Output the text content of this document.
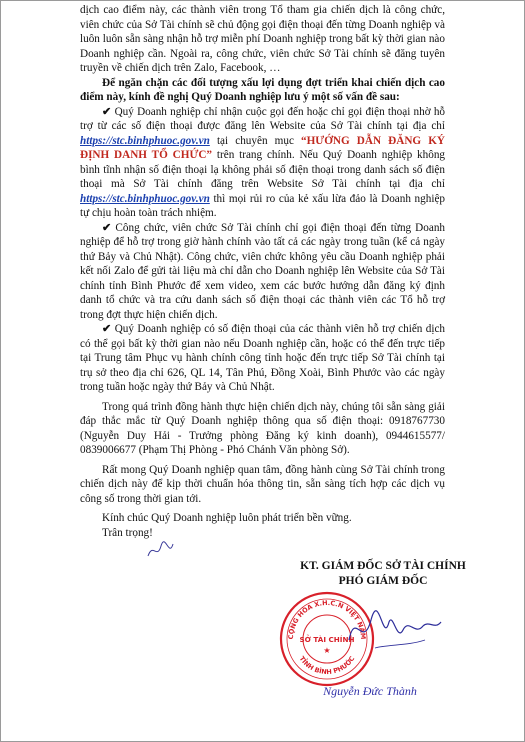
dịch cao điểm này, các thành viên trong Tổ tham gia chiến dịch là công chức, viên chức của Sở Tài chính sẽ chủ động gọi điện thoại đến từng Doanh nghiệp và luôn luôn sẵn sàng nhận hỗ trợ miễn phí Doanh nghiệp trong bất kỳ thời gian nào Doanh nghiệp cần. Ngoài ra, công chức, viên chức Sở Tài chính sẽ đăng tuyên truyền về chiến dịch trên Zalo, Facebook, …

Để ngăn chặn các đối tượng xấu lợi dụng đợt triển khai chiến dịch cao điểm này, kính đề nghị Quý Doanh nghiệp lưu ý một số vấn đề sau:

✔ Quý Doanh nghiệp chỉ nhận cuộc gọi đến hoặc chỉ gọi điện thoại nhờ hỗ trợ từ các số điện thoại được đăng lên Website của Sở Tài chính tại địa chỉ https://stc.binhphuoc.gov.vn tại chuyên mục “HƯỚNG DẪN ĐĂNG KÝ ĐỊNH DANH TỔ CHỨC” trên trang chính. Nếu Quý Doanh nghiệp không bình tĩnh nhận số điện thoại lạ không phải số điện thoại trong danh sách số điện thoại mà Sở Tài chính đăng trên Website Sở Tài chính tại địa chỉ https://stc.binhphuoc.gov.vn thì mọi rủi ro của kẻ xấu lừa đảo là Doanh nghiệp tự chịu hoàn toàn trách nhiệm.

✔ Công chức, viên chức Sở Tài chính chỉ gọi điện thoại đến từng Doanh nghiệp để hỗ trợ trong giờ hành chính vào tất cả các ngày trong tuần (kể cả ngày thứ Bảy và Chủ Nhật). Công chức, viên chức không yêu cầu Doanh nghiệp phải kết nối Zalo để gửi tài liệu mà chỉ dẫn cho Doanh nghiệp lên Website của Sở Tài chính tỉnh Bình Phước để xem video, xem các bước hướng dẫn đăng ký định danh tổ chức và tra cứu danh sách số điện thoại các thành viên các Tổ hỗ trợ trong đợt thực hiện chiến dịch.

✔ Quý Doanh nghiệp có số điện thoại của các thành viên hỗ trợ chiến dịch có thể gọi bất kỳ thời gian nào nếu Doanh nghiệp cần, hoặc có thể đến trực tiếp tại Trung tâm Phục vụ hành chính công tỉnh hoặc đến trực tiếp Sở Tài chính tại trụ sở theo địa chỉ 626, QL 14, Tân Phú, Đồng Xoài, Bình Phước vào các ngày trong tuần hoặc ngày thứ Bảy và Chủ Nhật.

Trong quá trình đồng hành thực hiện chiến dịch này, chúng tôi sẵn sàng giải đáp thắc mắc từ Quý Doanh nghiệp thông qua số điện thoại: 0918767730 (Nguyễn Duy Hải - Trưởng phòng Đăng ký kinh doanh), 0944615577/ 0839006677 (Phạm Thị Phòng - Phó Chánh Văn phòng Sở).

Rất mong Quý Doanh nghiệp quan tâm, đồng hành cùng Sở Tài chính trong chiến dịch này để kịp thời chuẩn hóa thông tin, sẵn sàng tích hợp các dịch vụ công số trong thời gian tới.

Kính chúc Quý Doanh nghiệp luôn phát triển bền vững.

Trân trọng!

KT. GIÁM ĐỐC SỞ TÀI CHÍNH
PHÓ GIÁM ĐỐC
CỘNG HÒA X.H.C.N VIỆT NAM
TỈNH BÌNH PHƯỚC
SỞ TÀI CHÍNH
★
Nguyễn Đức Thành
